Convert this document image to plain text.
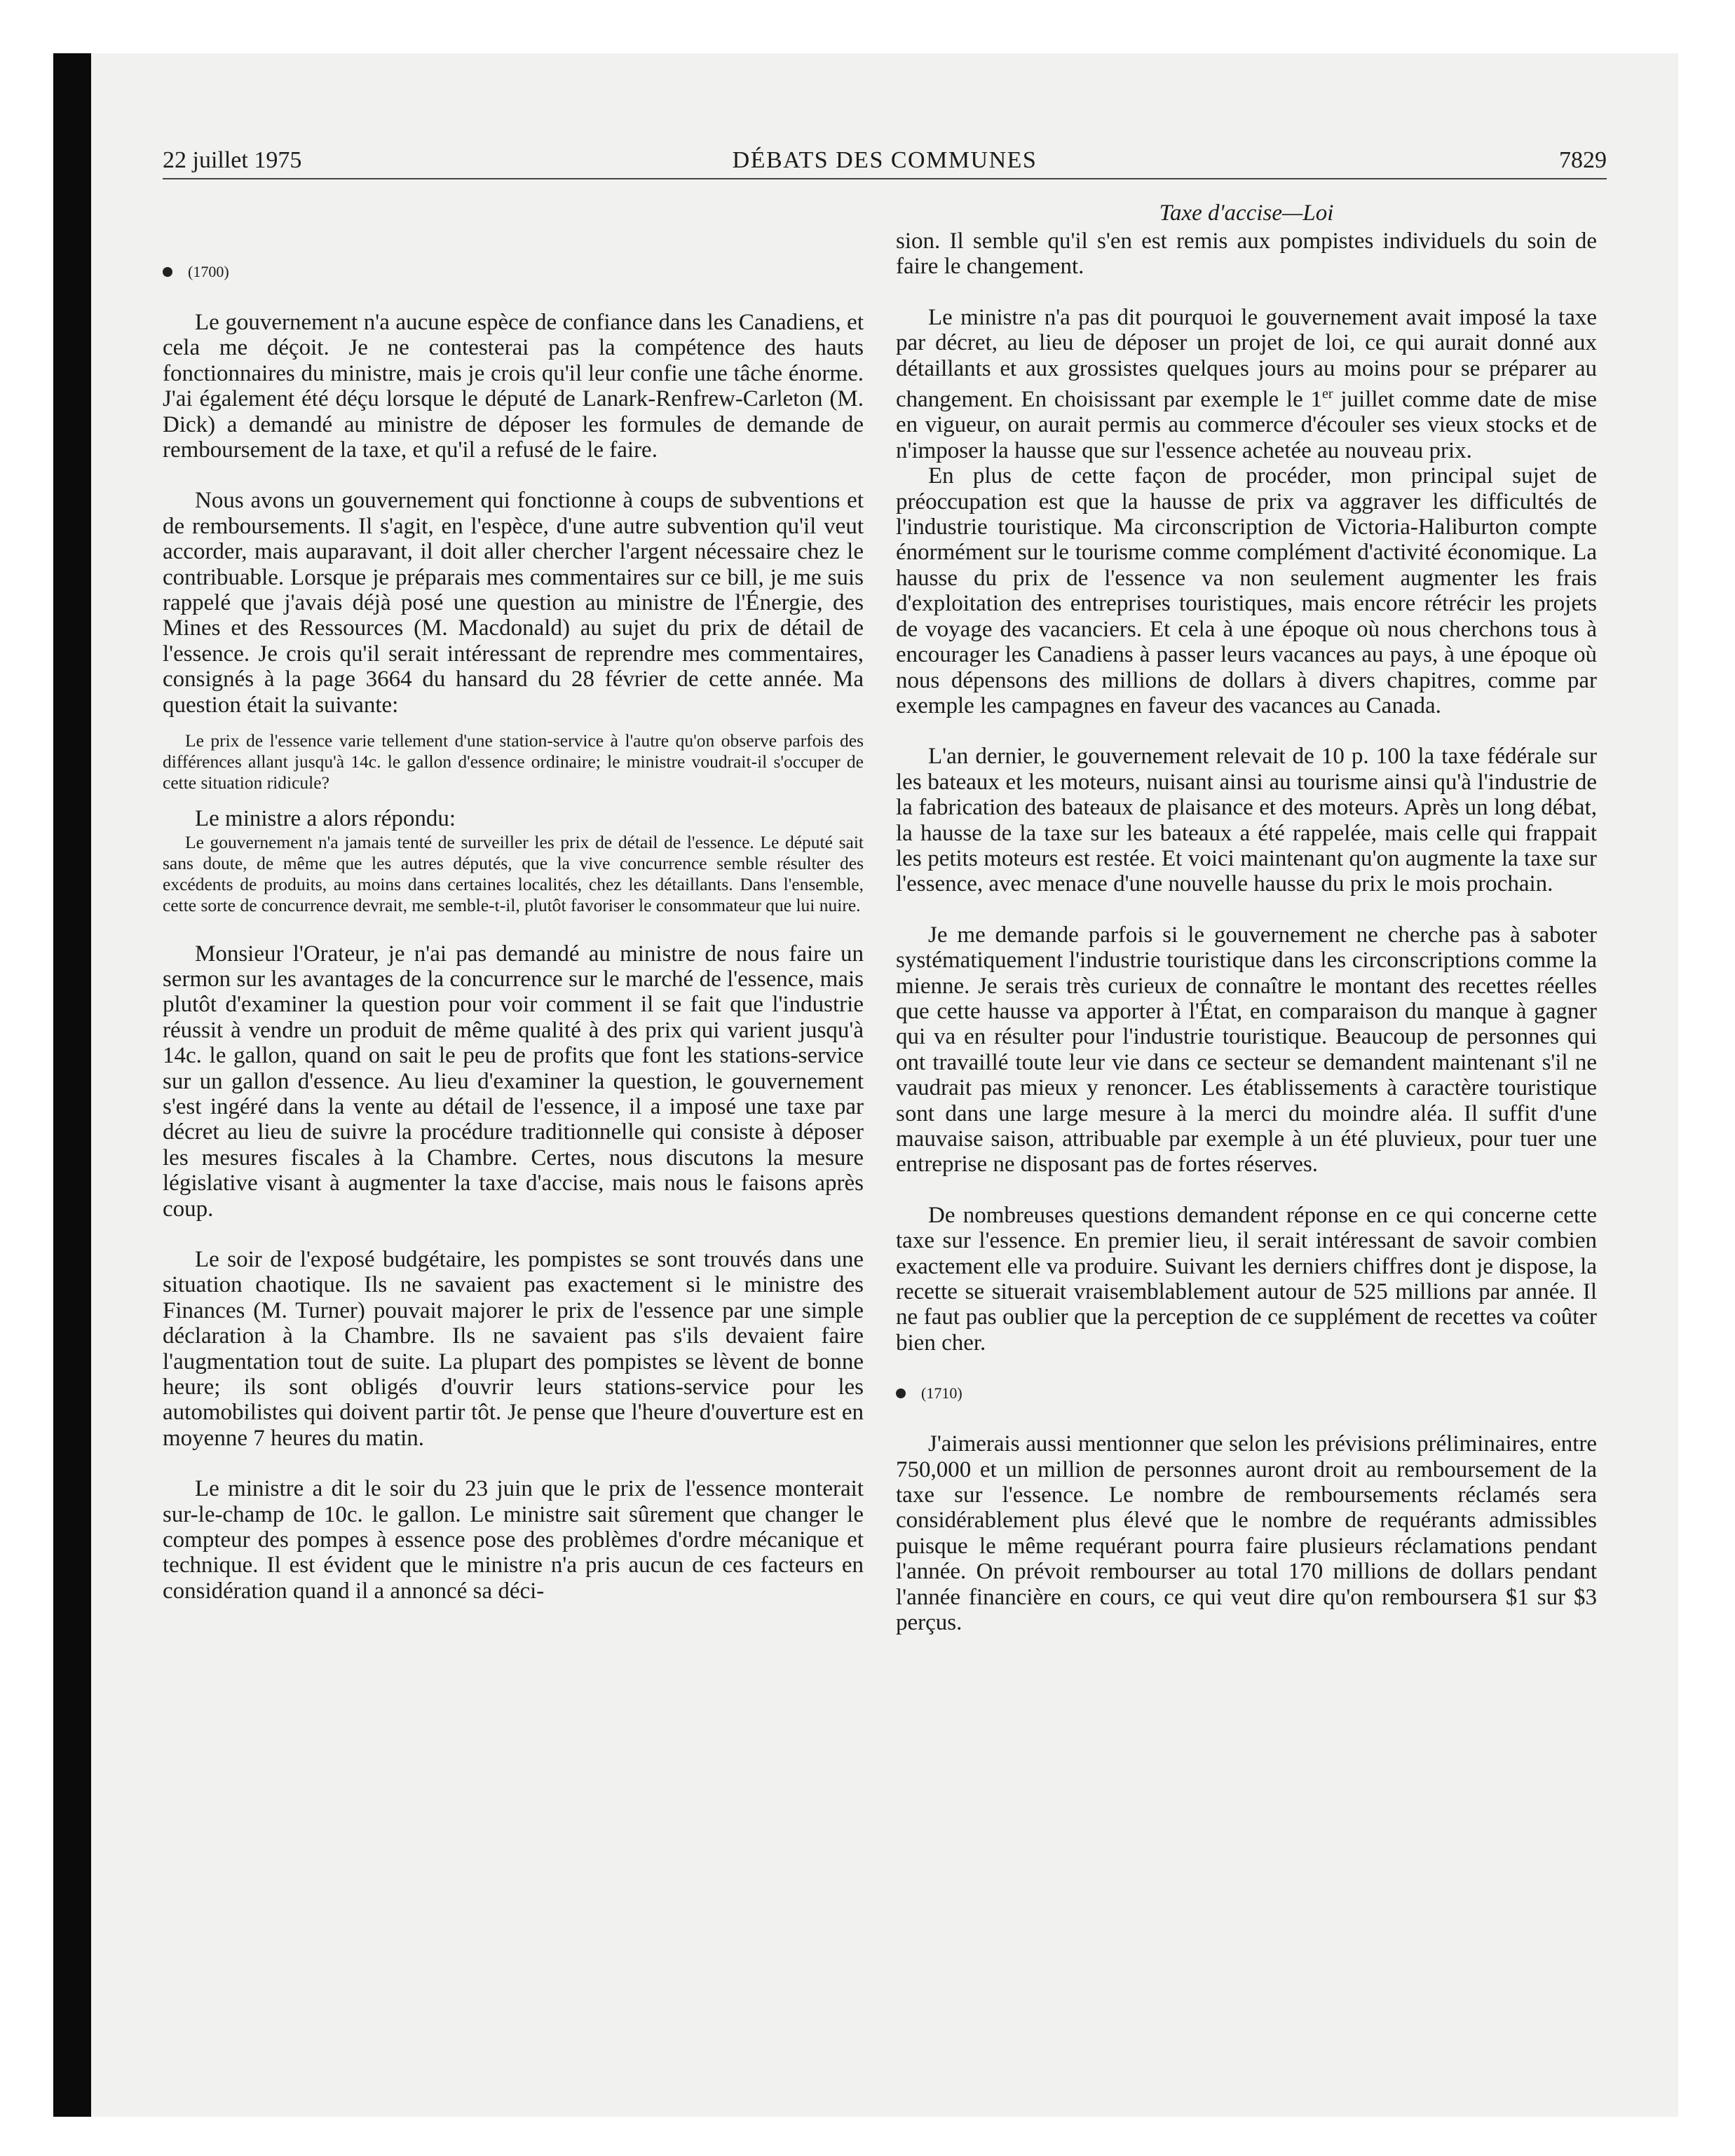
22 juillet 1975	DÉBATS DES COMMUNES	7829
(1700)

Le gouvernement n'a aucune espèce de confiance dans les Canadiens, et cela me déçoit. Je ne contesterai pas la compétence des hauts fonctionnaires du ministre, mais je crois qu'il leur confie une tâche énorme. J'ai également été déçu lorsque le député de Lanark-Renfrew-Carleton (M. Dick) a demandé au ministre de déposer les formules de demande de remboursement de la taxe, et qu'il a refusé de le faire.

Nous avons un gouvernement qui fonctionne à coups de subventions et de remboursements. Il s'agit, en l'espèce, d'une autre subvention qu'il veut accorder, mais auparavant, il doit aller chercher l'argent nécessaire chez le contribuable. Lorsque je préparais mes commentaires sur ce bill, je me suis rappelé que j'avais déjà posé une question au ministre de l'Énergie, des Mines et des Ressources (M. Macdonald) au sujet du prix de détail de l'essence. Je crois qu'il serait intéressant de reprendre mes commentaires, consignés à la page 3664 du hansard du 28 février de cette année. Ma question était la suivante:

Le prix de l'essence varie tellement d'une station-service à l'autre qu'on observe parfois des différences allant jusqu'à 14c. le gallon d'essence ordinaire; le ministre voudrait-il s'occuper de cette situation ridicule?

Le ministre a alors répondu:

Le gouvernement n'a jamais tenté de surveiller les prix de détail de l'essence. Le député sait sans doute, de même que les autres députés, que la vive concurrence semble résulter des excédents de produits, au moins dans certaines localités, chez les détaillants. Dans l'ensemble, cette sorte de concurrence devrait, me semble-t-il, plutôt favoriser le consommateur que lui nuire.

Monsieur l'Orateur, je n'ai pas demandé au ministre de nous faire un sermon sur les avantages de la concurrence sur le marché de l'essence, mais plutôt d'examiner la question pour voir comment il se fait que l'industrie réussit à vendre un produit de même qualité à des prix qui varient jusqu'à 14c. le gallon, quand on sait le peu de profits que font les stations-service sur un gallon d'essence. Au lieu d'examiner la question, le gouvernement s'est ingéré dans la vente au détail de l'essence, il a imposé une taxe par décret au lieu de suivre la procédure traditionnelle qui consiste à déposer les mesures fiscales à la Chambre. Certes, nous discutons la mesure législative visant à augmenter la taxe d'accise, mais nous le faisons après coup.

Le soir de l'exposé budgétaire, les pompistes se sont trouvés dans une situation chaotique. Ils ne savaient pas exactement si le ministre des Finances (M. Turner) pouvait majorer le prix de l'essence par une simple déclaration à la Chambre. Ils ne savaient pas s'ils devaient faire l'augmentation tout de suite. La plupart des pompistes se lèvent de bonne heure; ils sont obligés d'ouvrir leurs stations-service pour les automobilistes qui doivent partir tôt. Je pense que l'heure d'ouverture est en moyenne 7 heures du matin.

Le ministre a dit le soir du 23 juin que le prix de l'essence monterait sur-le-champ de 10c. le gallon. Le ministre sait sûrement que changer le compteur des pompes à essence pose des problèmes d'ordre mécanique et technique. Il est évident que le ministre n'a pris aucun de ces facteurs en considération quand il a annoncé sa déci-

Taxe d'accise—Loi

sion. Il semble qu'il s'en est remis aux pompistes individuels du soin de faire le changement.

Le ministre n'a pas dit pourquoi le gouvernement avait imposé la taxe par décret, au lieu de déposer un projet de loi, ce qui aurait donné aux détaillants et aux grossistes quelques jours au moins pour se préparer au changement. En choisissant par exemple le 1er juillet comme date de mise en vigueur, on aurait permis au commerce d'écouler ses vieux stocks et de n'imposer la hausse que sur l'essence achetée au nouveau prix.

En plus de cette façon de procéder, mon principal sujet de préoccupation est que la hausse de prix va aggraver les difficultés de l'industrie touristique. Ma circonscription de Victoria-Haliburton compte énormément sur le tourisme comme complément d'activité économique. La hausse du prix de l'essence va non seulement augmenter les frais d'exploitation des entreprises touristiques, mais encore rétrécir les projets de voyage des vacanciers. Et cela à une époque où nous cherchons tous à encourager les Canadiens à passer leurs vacances au pays, à une époque où nous dépensons des millions de dollars à divers chapitres, comme par exemple les campagnes en faveur des vacances au Canada.

L'an dernier, le gouvernement relevait de 10 p. 100 la taxe fédérale sur les bateaux et les moteurs, nuisant ainsi au tourisme ainsi qu'à l'industrie de la fabrication des bateaux de plaisance et des moteurs. Après un long débat, la hausse de la taxe sur les bateaux a été rappelée, mais celle qui frappait les petits moteurs est restée. Et voici maintenant qu'on augmente la taxe sur l'essence, avec menace d'une nouvelle hausse du prix le mois prochain.

Je me demande parfois si le gouvernement ne cherche pas à saboter systématiquement l'industrie touristique dans les circonscriptions comme la mienne. Je serais très curieux de connaître le montant des recettes réelles que cette hausse va apporter à l'État, en comparaison du manque à gagner qui va en résulter pour l'industrie touristique. Beaucoup de personnes qui ont travaillé toute leur vie dans ce secteur se demandent maintenant s'il ne vaudrait pas mieux y renoncer. Les établissements à caractère touristique sont dans une large mesure à la merci du moindre aléa. Il suffit d'une mauvaise saison, attribuable par exemple à un été pluvieux, pour tuer une entreprise ne disposant pas de fortes réserves.

De nombreuses questions demandent réponse en ce qui concerne cette taxe sur l'essence. En premier lieu, il serait intéressant de savoir combien exactement elle va produire. Suivant les derniers chiffres dont je dispose, la recette se situerait vraisemblablement autour de 525 millions par année. Il ne faut pas oublier que la perception de ce supplément de recettes va coûter bien cher.

(1710)

J'aimerais aussi mentionner que selon les prévisions préliminaires, entre 750,000 et un million de personnes auront droit au remboursement de la taxe sur l'essence. Le nombre de remboursements réclamés sera considérablement plus élevé que le nombre de requérants admissibles puisque le même requérant pourra faire plusieurs réclamations pendant l'année. On prévoit rembourser au total 170 millions de dollars pendant l'année financière en cours, ce qui veut dire qu'on remboursera $1 sur $3 perçus.
